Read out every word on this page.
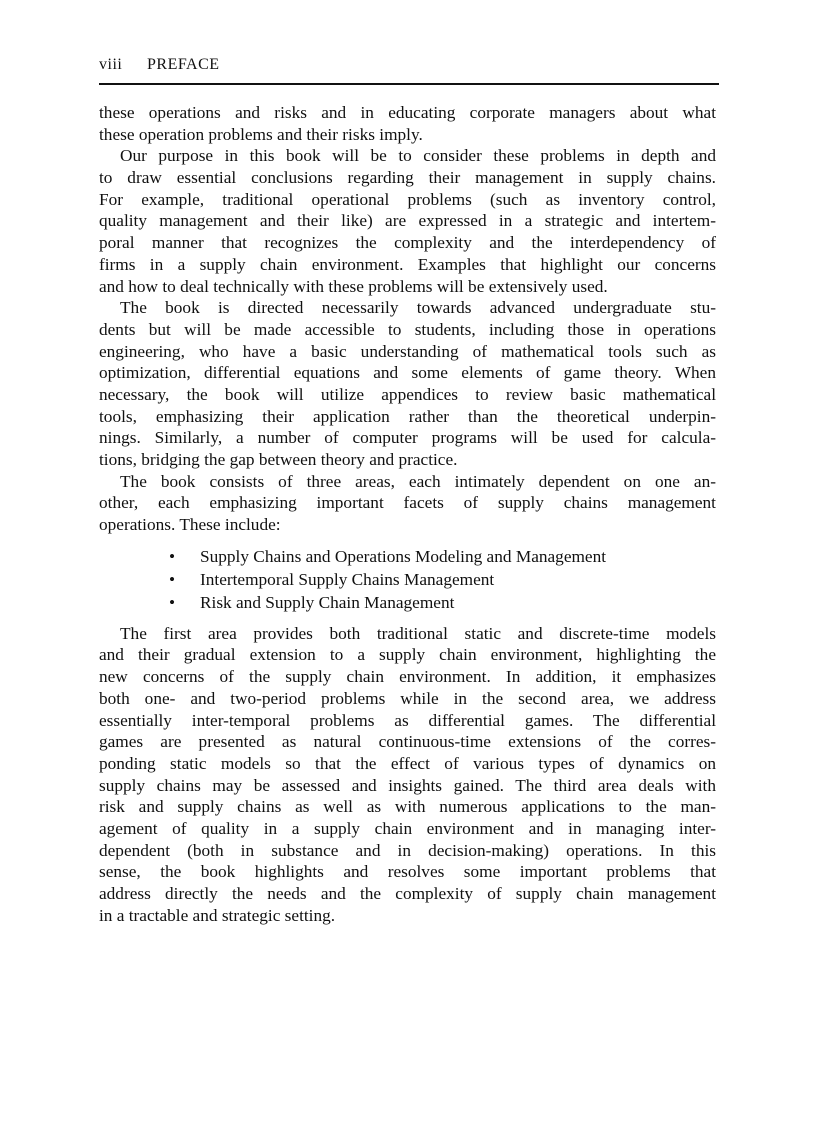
viii PREFACE
these operations and risks and in educating corporate managers about what
these operation problems and their risks imply.
Our purpose in this book will be to consider these problems in depth and
to draw essential conclusions regarding their management in supply chains.
For example, traditional operational problems (such as inventory control,
quality management and their like) are expressed in a strategic and intertem-
poral manner that recognizes the complexity and the interdependency of
firms in a supply chain environment. Examples that highlight our concerns
and how to deal technically with these problems will be extensively used.
The book is directed necessarily towards advanced undergraduate stu-
dents but will be made accessible to students, including those in operations
engineering, who have a basic understanding of mathematical tools such as
optimization, differential equations and some elements of game theory. When
necessary, the book will utilize appendices to review basic mathematical
tools, emphasizing their application rather than the theoretical underpin-
nings. Similarly, a number of computer programs will be used for calcula-
tions, bridging the gap between theory and practice.
The book consists of three areas, each intimately dependent on one an-
other, each emphasizing important facets of supply chains management
operations. These include:
• Supply Chains and Operations Modeling and Management
• Intertemporal Supply Chains Management
• Risk and Supply Chain Management
The first area provides both traditional static and discrete-time models
and their gradual extension to a supply chain environment, highlighting the
new concerns of the supply chain environment. In addition, it emphasizes
both one- and two-period problems while in the second area, we address
essentially inter-temporal problems as differential games. The differential
games are presented as natural continuous-time extensions of the corres-
ponding static models so that the effect of various types of dynamics on
supply chains may be assessed and insights gained. The third area deals with
risk and supply chains as well as with numerous applications to the man-
agement of quality in a supply chain environment and in managing inter-
dependent (both in substance and in decision-making) operations. In this
sense, the book highlights and resolves some important problems that
address directly the needs and the complexity of supply chain management
in a tractable and strategic setting.
